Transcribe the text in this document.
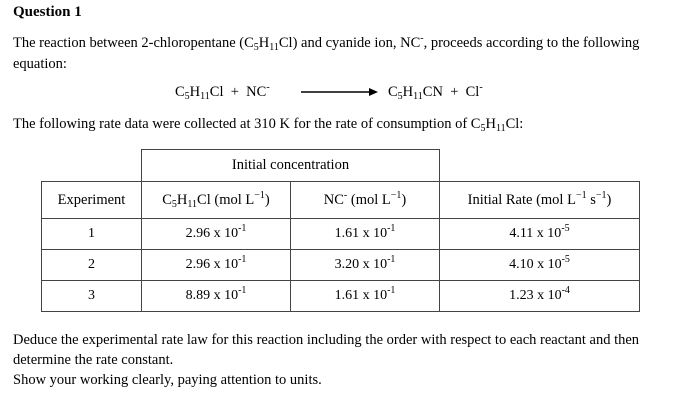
Question 1
The reaction between 2-chloropentane $(C_5H_{11}Cl)$ and cyanide ion, NC-, proceeds according to the following equation:
$C_5H_{11}Cl + NC^-$	$C_5H_{11}CN + Cl^-$
The following rate data were collected at 310 K for the rate of consumption of $C_5H_{11}Cl$:
	Initial concentration		
Experiment	$C_5H_{11}Cl$ (mol $L^{-1}$)	NC- (mol $L^{-1}$)	Initial Rate (mol $L^{-1}$ $s^{-1}$)
1	2.96 x $10^{-1}$	1.61 x $10^{-1}$	4.11 x $10^{-5}$
2	2.96 x $10^{-1}$	3.20 x $10^{-1}$	4.10 x $10^{-5}$
3	8.89 x $10^{-1}$	1.61 x $10^{-1}$	1.23 x $10^{-4}$
Deduce the experimental rate law for this reaction including the order with respect to each reactant and then determine the rate constant.
Show your working clearly, paying attention to units.
